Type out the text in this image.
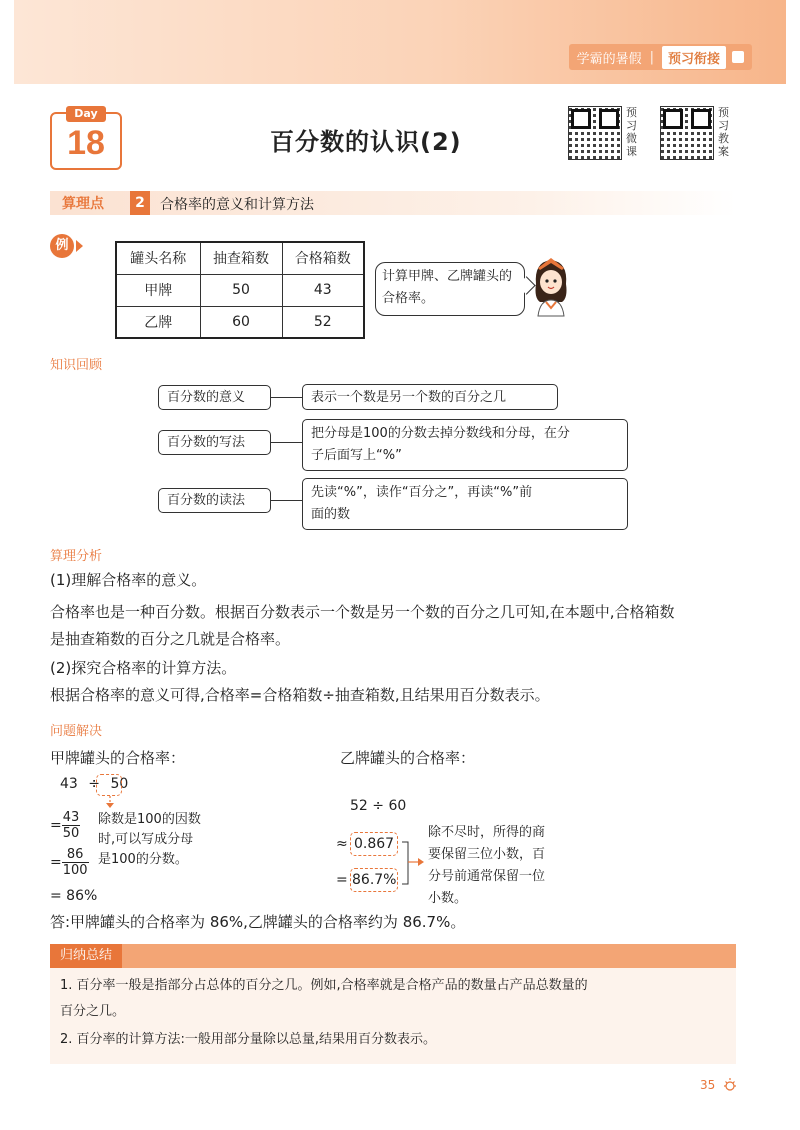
学霸的暑假 |	预习衔接
Day
18	百分数的认识(2)
预习微课
预习教案
算理点	2	合格率的意义和计算方法
例
罐头名称	抽查箱数	合格箱数
甲牌	50	43
乙牌	60	52
计算甲牌、乙牌罐头的合格率。
知识回顾
百分数的意义	表示一个数是另一个数的百分之几
百分数的写法
把分母是100的分数去掉分数线和分母，在分
子后面写上“%”
百分数的读法
先读“%”，读作“百分之”，再读“%”前
面的数
算理分析
(1)理解合格率的意义。
合格率也是一种百分数。根据百分数表示一个数是另一个数的百分之几可知,在本题中,合格箱数
是抽查箱数的百分之几就是合格率。
(2)探究合格率的计算方法。
根据合格率的意义可得,合格率=合格箱数÷抽查箱数,且结果用百分数表示。
问题解决
甲牌罐头的合格率：	乙牌罐头的合格率：
43 ÷ 50
= $\frac{43}{50}$
= $\frac{86}{100}$
= 86%
除数是100的因数
时,可以写成分母
是100的分数。
52 ÷ 60
≈ 0.867
= 86.7%
除不尽时，所得的商
要保留三位小数，百
分号前通常保留一位
小数。
答:甲牌罐头的合格率为 86%,乙牌罐头的合格率约为 86.7%。
归纳总结

1. 百分率一般是指部分占总体的百分之几。例如,合格率就是合格产品的数量占产品总数量的

百分之几。

2. 百分率的计算方法:一般用部分量除以总量,结果用百分数表示。

35
